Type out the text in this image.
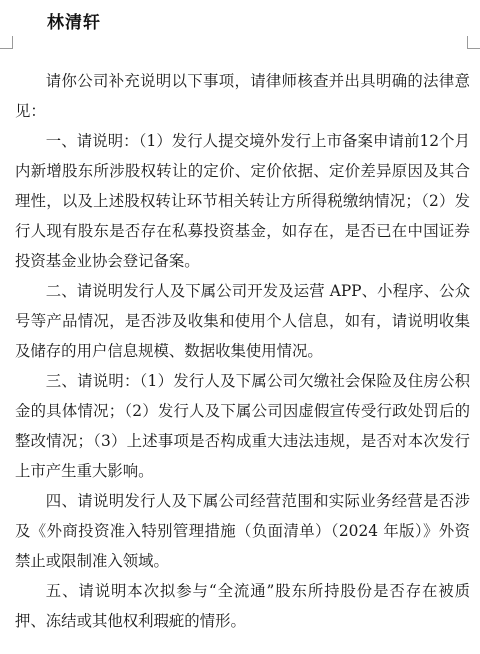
林清轩

请你公司补充说明以下事项，请律师核查并出具明确的法律意见：

一、请说明：（1）发行人提交境外发行上市备案申请前12个月内新增股东所涉股权转让的定价、定价依据、定价差异原因及其合理性，以及上述股权转让环节相关转让方所得税缴纳情况；（2）发行人现有股东是否存在私募投资基金，如存在，是否已在中国证券投资基金业协会登记备案。

二、请说明发行人及下属公司开发及运营 APP、小程序、公众号等产品情况，是否涉及收集和使用个人信息，如有，请说明收集及储存的用户信息规模、数据收集使用情况。

三、请说明：（1）发行人及下属公司欠缴社会保险及住房公积金的具体情况；（2）发行人及下属公司因虚假宣传受行政处罚后的整改情况；（3）上述事项是否构成重大违法违规，是否对本次发行上市产生重大影响。

四、请说明发行人及下属公司经营范围和实际业务经营是否涉及《外商投资准入特别管理措施（负面清单）（2024 年版）》外资禁止或限制准入领域。

五、请说明本次拟参与“全流通”股东所持股份是否存在被质押、冻结或其他权利瑕疵的情形。
